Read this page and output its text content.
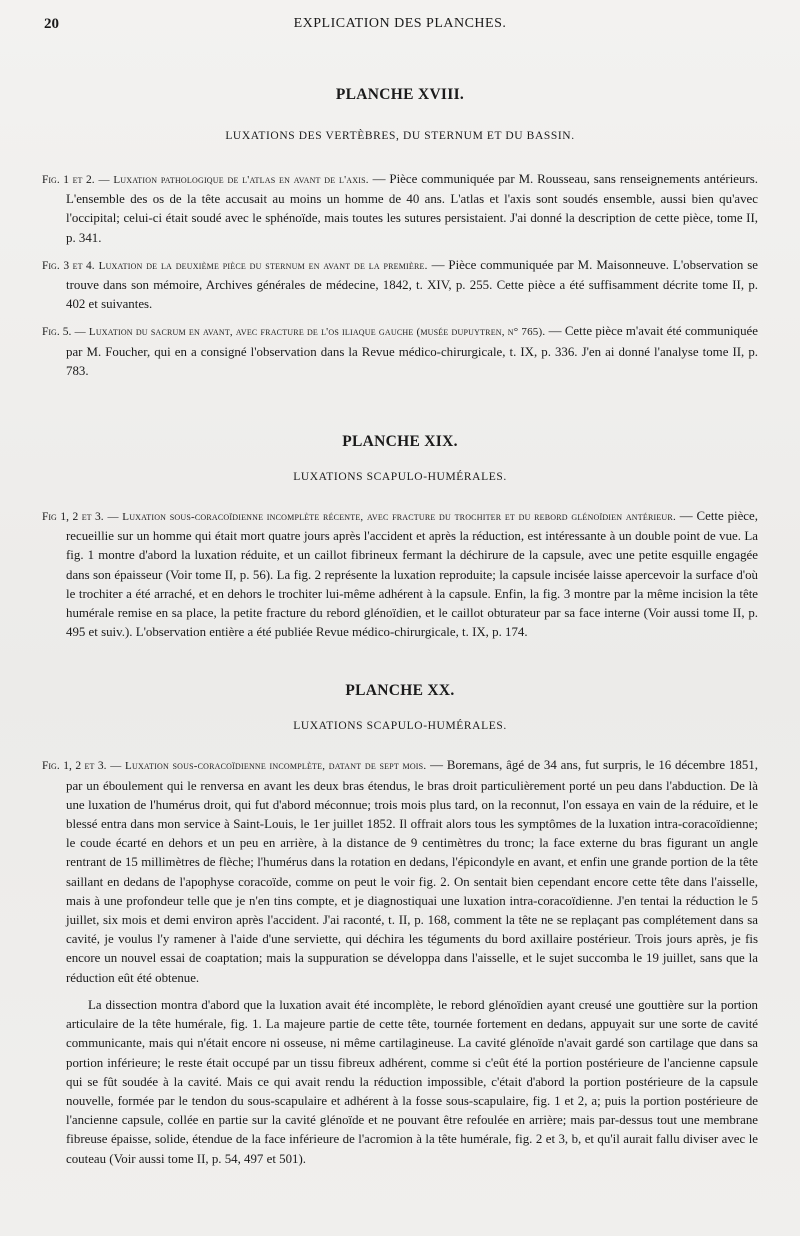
20	EXPLICATION DES PLANCHES.
PLANCHE XVIII.
LUXATIONS DES VERTÈBRES, DU STERNUM ET DU BASSIN.

Fig. 1 et 2. — Luxation pathologique de l'atlas en avant de l'axis. — Pièce communiquée par M. Rousseau, sans renseignements antérieurs. L'ensemble des os de la tête accusait au moins un homme de 40 ans. L'atlas et l'axis sont soudés ensemble, aussi bien qu'avec l'occipital; celui-ci était soudé avec le sphénoïde, mais toutes les sutures persistaient. J'ai donné la description de cette pièce, tome II, p. 341.

Fig. 3 et 4. Luxation de la deuxième pièce du sternum en avant de la première. — Pièce communiquée par M. Maisonneuve. L'observation se trouve dans son mémoire, Archives générales de médecine, 1842, t. XIV, p. 255. Cette pièce a été suffisamment décrite tome II, p. 402 et suivantes.

Fig. 5. — Luxation du sacrum en avant, avec fracture de l'os iliaque gauche (musée dupuytren, n° 765). — Cette pièce m'avait été communiquée par M. Foucher, qui en a consigné l'observation dans la Revue médico-chirurgicale, t. IX, p. 336. J'en ai donné l'analyse tome II, p. 783.

PLANCHE XIX.
LUXATIONS SCAPULO-HUMÉRALES.

Fig 1, 2 et 3. — Luxation sous-coracoïdienne incomplète récente, avec fracture du trochiter et du rebord glénoïdien antérieur. — Cette pièce, recueillie sur un homme qui était mort quatre jours après l'accident et après la réduction, est intéressante à un double point de vue. La fig. 1 montre d'abord la luxation réduite, et un caillot fibrineux fermant la déchirure de la capsule, avec une petite esquille engagée dans son épaisseur (Voir tome II, p. 56). La fig. 2 représente la luxation reproduite; la capsule incisée laisse apercevoir la surface d'où le trochiter a été arraché, et en dehors le trochiter lui-même adhérent à la capsule. Enfin, la fig. 3 montre par la même incision la tête humérale remise en sa place, la petite fracture du rebord glénoïdien, et le caillot obturateur par sa face interne (Voir aussi tome II, p. 495 et suiv.). L'observation entière a été publiée Revue médico-chirurgicale, t. IX, p. 174.

PLANCHE XX.
LUXATIONS SCAPULO-HUMÉRALES.

Fig. 1, 2 et 3. — Luxation sous-coracoïdienne incomplète, datant de sept mois. — Boremans, âgé de 34 ans, fut surpris, le 16 décembre 1851, par un éboulement qui le renversa en avant les deux bras étendus, le bras droit particulièrement porté un peu dans l'abduction. De là une luxation de l'humérus droit, qui fut d'abord méconnue; trois mois plus tard, on la reconnut, l'on essaya en vain de la réduire, et le blessé entra dans mon service à Saint-Louis, le 1er juillet 1852. Il offrait alors tous les symptômes de la luxation intra-coracoïdienne; le coude écarté en dehors et un peu en arrière, à la distance de 9 centimètres du tronc; la face externe du bras figurant un angle rentrant de 15 millimètres de flèche; l'humérus dans la rotation en dedans, l'épicondyle en avant, et enfin une grande portion de la tête saillant en dedans de l'apophyse coracoïde, comme on peut le voir fig. 2. On sentait bien cependant encore cette tête dans l'aisselle, mais à une profondeur telle que je n'en tins compte, et je diagnostiquai une luxation intra-coracoïdienne. J'en tentai la réduction le 5 juillet, six mois et demi environ après l'accident. J'ai raconté, t. II, p. 168, comment la tête ne se replaçant pas complétement dans sa cavité, je voulus l'y ramener à l'aide d'une serviette, qui déchira les téguments du bord axillaire postérieur. Trois jours après, je fis encore un nouvel essai de coaptation; mais la suppuration se développa dans l'aisselle, et le sujet succomba le 19 juillet, sans que la réduction eût été obtenue.

La dissection montra d'abord que la luxation avait été incomplète, le rebord glénoïdien ayant creusé une gouttière sur la portion articulaire de la tête humérale, fig. 1. La majeure partie de cette tête, tournée fortement en dedans, appuyait sur une sorte de cavité communicante, mais qui n'était encore ni osseuse, ni même cartilagineuse. La cavité glénoïde n'avait gardé son cartilage que dans sa portion inférieure; le reste était occupé par un tissu fibreux adhérent, comme si c'eût été la portion postérieure de l'ancienne capsule qui se fût soudée à la cavité. Mais ce qui avait rendu la réduction impossible, c'était d'abord la portion postérieure de la capsule nouvelle, formée par le tendon du sous-scapulaire et adhérent à la fosse sous-scapulaire, fig. 1 et 2, a; puis la portion postérieure de l'ancienne capsule, collée en partie sur la cavité glénoïde et ne pouvant être refoulée en arrière; mais par-dessus tout une membrane fibreuse épaisse, solide, étendue de la face inférieure de l'acromion à la tête humérale, fig. 2 et 3, b, et qu'il aurait fallu diviser avec le couteau (Voir aussi tome II, p. 54, 497 et 501).
